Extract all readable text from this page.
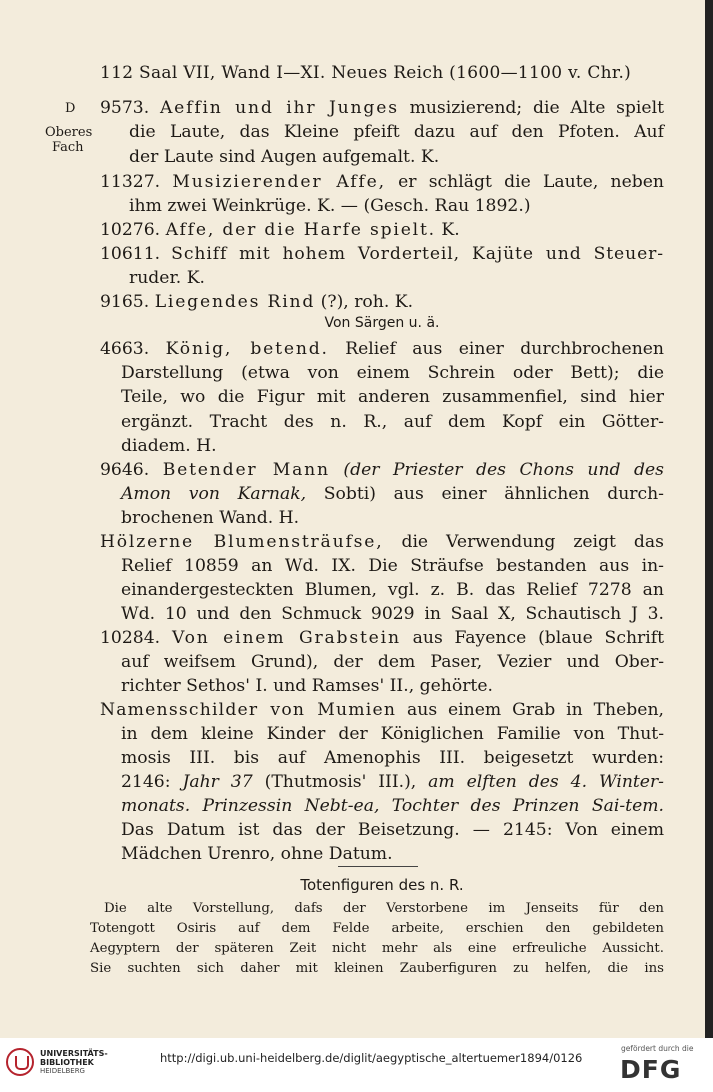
112 Saal VII, Wand I—XI. Neues Reich (1600—1100 v. Chr.)
D
Oberes
Fach
9573. Aeffin und ihr Junges musizierend; die Alte spielt
die Laute, das Kleine pfeift dazu auf den Pfoten. Auf
der Laute sind Augen aufgemalt. K.
11327. Musizierender Affe, er schlägt die Laute, neben
ihm zwei Weinkrüge. K. — (Gesch. Rau 1892.)
10276. Affe, der die Harfe spielt. K.
10611. Schiff mit hohem Vorderteil, Kajüte und Steuer-
ruder. K.
9165. Liegendes Rind (?), roh. K.
Von Särgen u. ä.
4663. König, betend. Relief aus einer durchbrochenen
Darstellung (etwa von einem Schrein oder Bett); die
Teile, wo die Figur mit anderen zusammenfiel, sind hier
ergänzt. Tracht des n. R., auf dem Kopf ein Götter-
diadem. H.
9646. Betender Mann (der Priester des Chons und des
Amon von Karnak, Sobti) aus einer ähnlichen durch-
brochenen Wand. H.
Hölzerne Blumensträufse, die Verwendung zeigt das
Relief 10859 an Wd. IX. Die Sträufse bestanden aus in-
einandergesteckten Blumen, vgl. z. B. das Relief 7278 an
Wd. 10 und den Schmuck 9029 in Saal X, Schautisch J 3.
10284. Von einem Grabstein aus Fayence (blaue Schrift
auf weifsem Grund), der dem Paser, Vezier und Ober-
richter Sethos' I. und Ramses' II., gehörte.
Namensschilder von Mumien aus einem Grab in Theben,
in dem kleine Kinder der Königlichen Familie von Thut-
mosis III. bis auf Amenophis III. beigesetzt wurden:
2146: Jahr 37 (Thutmosis' III.), am elften des 4. Winter-
monats. Prinzessin Nebt-ea, Tochter des Prinzen Sai-tem.
Das Datum ist das der Beisetzung. — 2145: Von einem
Mädchen Urenro, ohne Datum.
Totenfiguren des n. R.
Die alte Vorstellung, dafs der Verstorbene im Jenseits für den
Totengott Osiris auf dem Felde arbeite, erschien den gebildeten
Aegyptern der späteren Zeit nicht mehr als eine erfreuliche Aussicht.
Sie suchten sich daher mit kleinen Zauberfiguren zu helfen, die ins
UNIVERSITÄTS-
BIBLIOTHEK
HEIDELBERG
http://digi.ub.uni-heidelberg.de/diglit/aegyptische_altertuemer1894/0126
gefördert durch die
DFG
